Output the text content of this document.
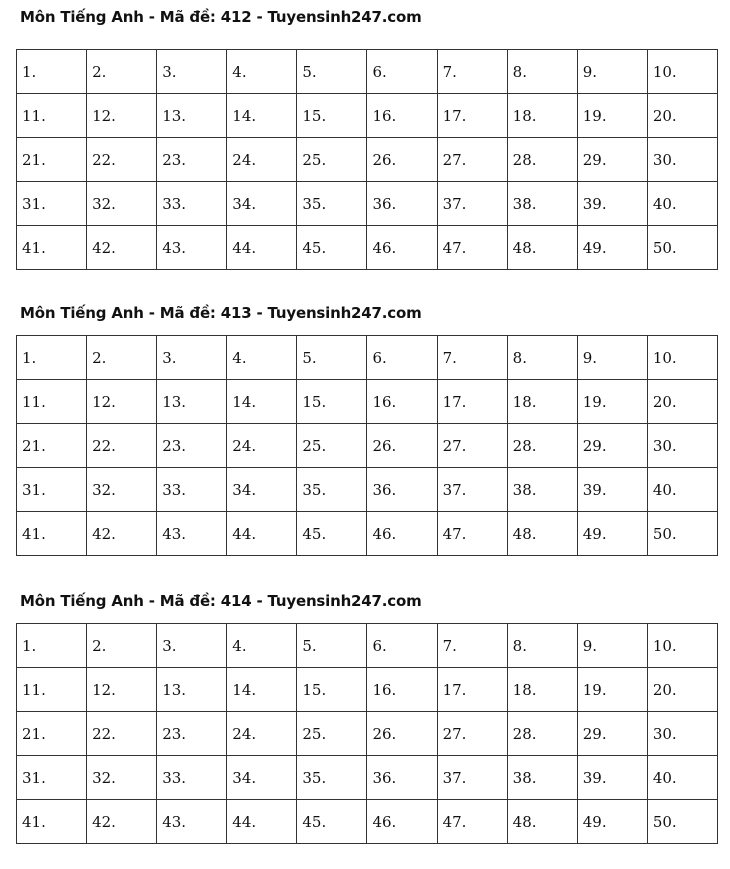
Môn Tiếng Anh - Mã đề: 412 - Tuyensinh247.com
1.	2.	3.	4.	5.	6.	7.	8.	9.	10.
11.	12.	13.	14.	15.	16.	17.	18.	19.	20.
21.	22.	23.	24.	25.	26.	27.	28.	29.	30.
31.	32.	33.	34.	35.	36.	37.	38.	39.	40.
41.	42.	43.	44.	45.	46.	47.	48.	49.	50.
Môn Tiếng Anh - Mã đề: 413 - Tuyensinh247.com
1.	2.	3.	4.	5.	6.	7.	8.	9.	10.
11.	12.	13.	14.	15.	16.	17.	18.	19.	20.
21.	22.	23.	24.	25.	26.	27.	28.	29.	30.
31.	32.	33.	34.	35.	36.	37.	38.	39.	40.
41.	42.	43.	44.	45.	46.	47.	48.	49.	50.
Môn Tiếng Anh - Mã đề: 414 - Tuyensinh247.com
1.	2.	3.	4.	5.	6.	7.	8.	9.	10.
11.	12.	13.	14.	15.	16.	17.	18.	19.	20.
21.	22.	23.	24.	25.	26.	27.	28.	29.	30.
31.	32.	33.	34.	35.	36.	37.	38.	39.	40.
41.	42.	43.	44.	45.	46.	47.	48.	49.	50.
